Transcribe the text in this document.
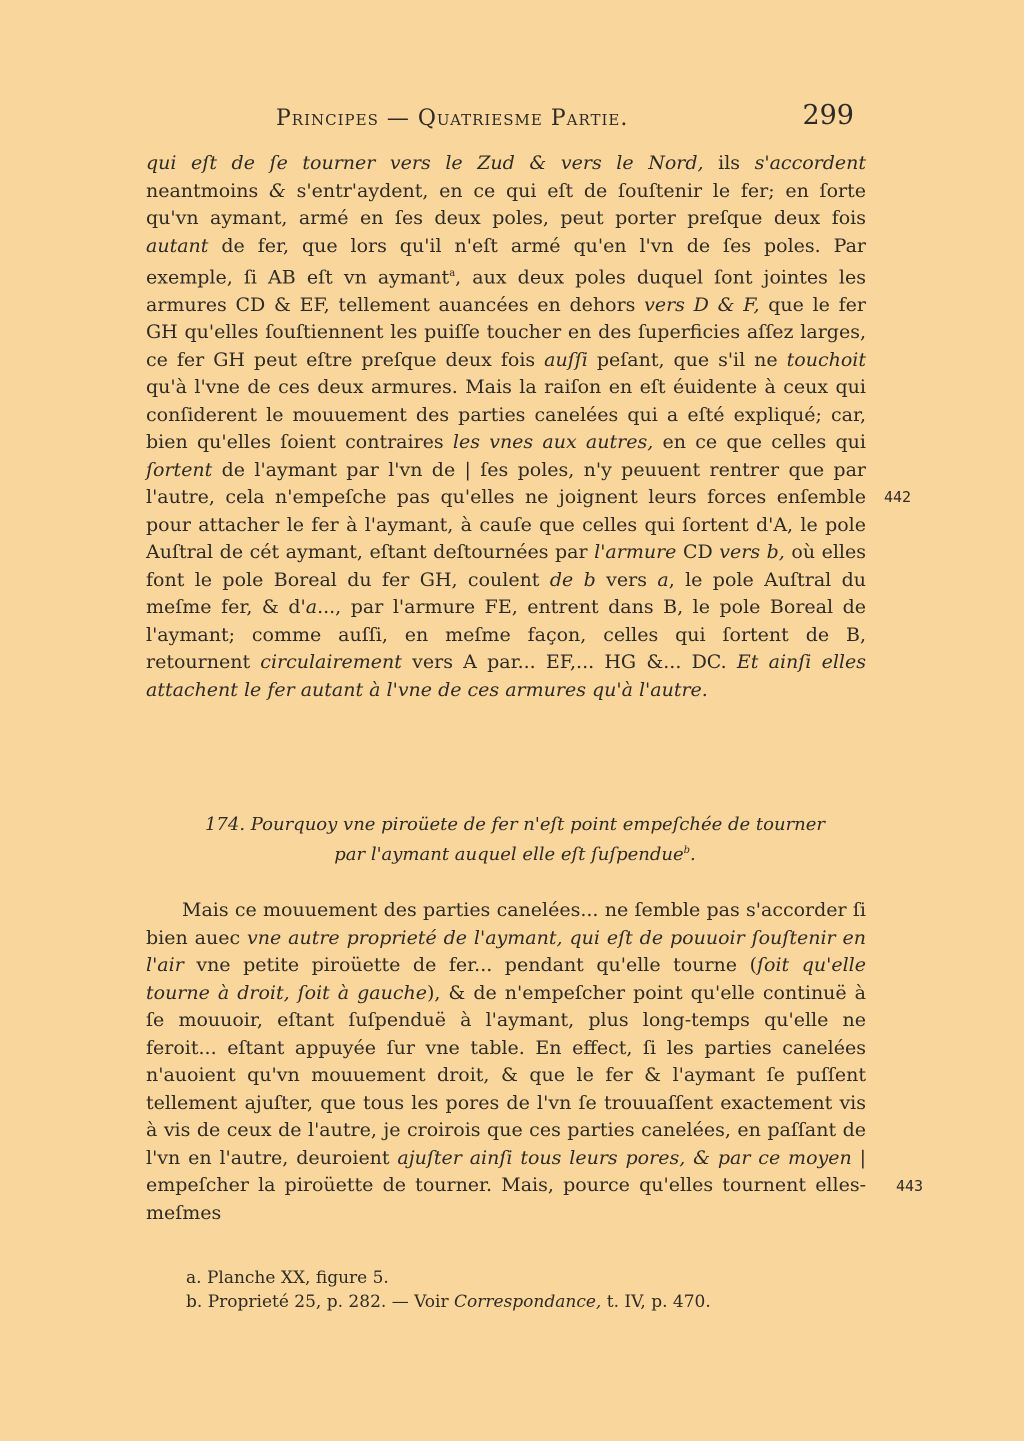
Principes — Quatriesme Partie.	299
qui eſt de ſe tourner vers le Zud & vers le Nord, ils s'accordent neantmoins & s'entr'aydent, en ce qui eſt de ſouſtenir le fer; en ſorte qu'vn aymant, armé en ſes deux poles, peut porter preſque deux fois autant de fer, que lors qu'il n'eſt armé qu'en l'vn de ſes poles. Par exemple, ſi AB eſt vn aymant$^a$, aux deux poles duquel ſont jointes les armures CD & EF, tellement auancées en dehors vers D & F, que le fer GH qu'elles ſouſtiennent les puiſſe toucher en des ſuperficies aſſez larges, ce fer GH peut eſtre preſque deux fois auſſi peſant, que s'il ne touchoit qu'à l'vne de ces deux armures. Mais la raiſon en eſt éuidente à ceux qui conſiderent le mouuement des parties canelées qui a eſté expliqué; car, bien qu'elles ſoient contraires les vnes aux autres, en ce que celles qui ſortent de l'aymant par l'vn de | ſes poles, n'y peuuent rentrer que par l'autre, cela n'empeſche pas qu'elles ne joignent leurs forces enſemble pour attacher le fer à l'aymant, à cauſe que celles qui ſortent d'A, le pole Auſtral de cét aymant, eſtant deſtournées par l'armure CD vers b, où elles font le pole Boreal du fer GH, coulent de b vers a, le pole Auſtral du meſme fer, & d'a..., par l'armure FE, entrent dans B, le pole Boreal de l'aymant; comme auſſi, en meſme façon, celles qui ſortent de B, retournent circulairement vers A par... EF,... HG &... DC. Et ainſi elles attachent le fer autant à l'vne de ces armures qu'à l'autre.
442
174. Pourquoy vne piroüete de fer n'eſt point empeſchée de tourner
par l'aymant auquel elle eſt ſuſpendue$^b$.
Mais ce mouuement des parties canelées... ne ſemble pas s'accorder ſi bien auec vne autre proprieté de l'aymant, qui eſt de pouuoir ſouſtenir en l'air vne petite piroüette de fer... pendant qu'elle tourne (ſoit qu'elle tourne à droit, ſoit à gauche), & de n'empeſcher point qu'elle continuë à ſe mouuoir, eſtant ſuſpenduë à l'aymant, plus long-temps qu'elle ne feroit... eſtant appuyée ſur vne table. En effect, ſi les parties canelées n'auoient qu'vn mouuement droit, & que le fer & l'aymant ſe puſſent tellement ajuſter, que tous les pores de l'vn ſe trouuaſſent exactement vis à vis de ceux de l'autre, je croirois que ces parties canelées, en paſſant de l'vn en l'autre, deuroient ajuſter ainſi tous leurs pores, & par ce moyen | empeſcher la piroüette de tourner. Mais, pource qu'elles tournent elles-meſmes
443
a. Planche XX, figure 5.
b. Proprieté 25, p. 282. — Voir Correspondance, t. IV, p. 470.
